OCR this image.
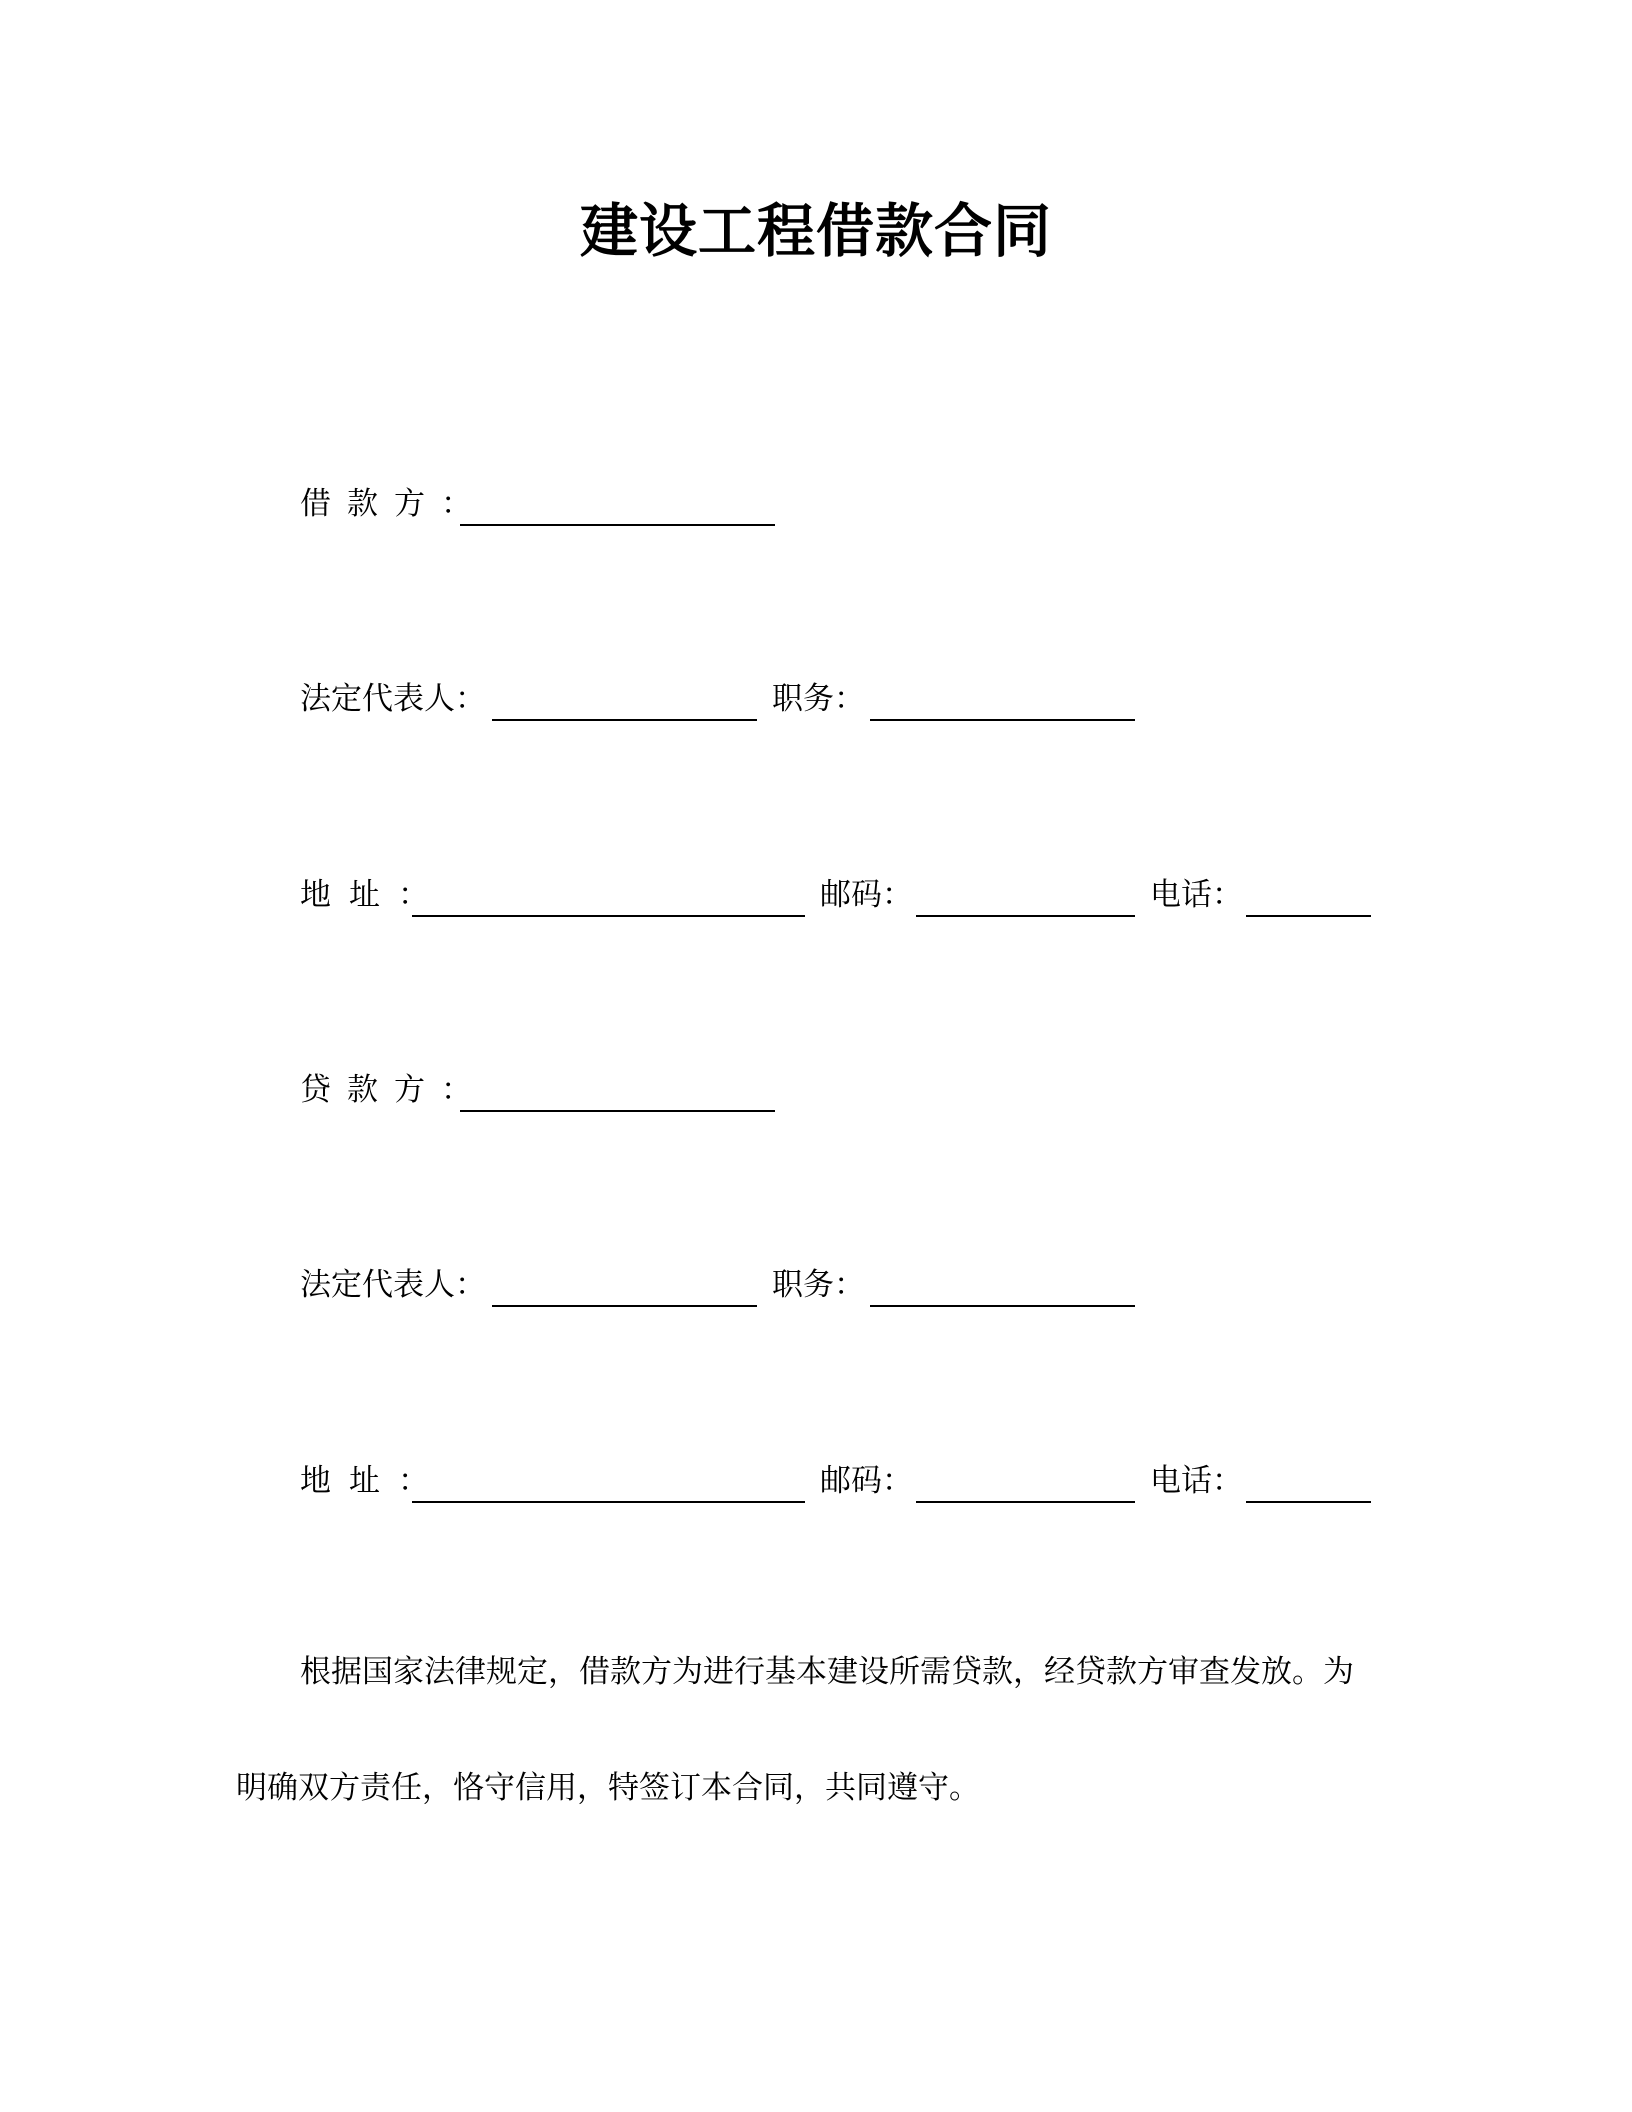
建设工程借款合同
借款方：
法定代表人：	职务：
地址：	邮码：	电话：
贷款方：
法定代表人：	职务：
地址：	邮码：	电话：
根据国家法律规定，借款方为进行基本建设所需贷款，经贷款方审查发放。为
明确双方责任，恪守信用，特签订本合同，共同遵守。
